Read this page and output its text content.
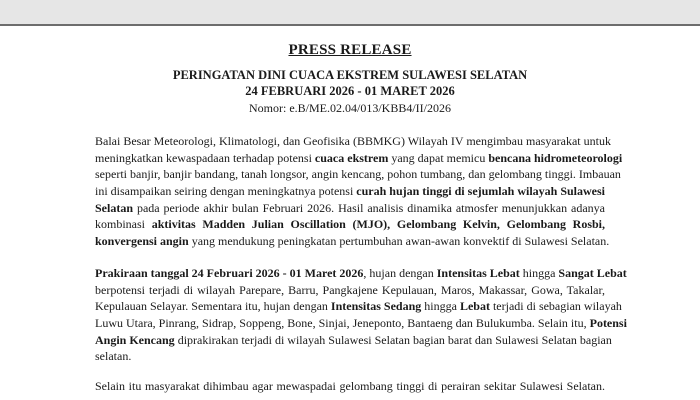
PRESS RELEASE
PERINGATAN DINI CUACA EKSTREM SULAWESI SELATAN
24 FEBRUARI 2026 - 01 MARET 2026
Nomor: e.B/ME.02.04/013/KBB4/II/2026
Balai Besar Meteorologi, Klimatologi, dan Geofisika (BBMKG) Wilayah IV mengimbau masyarakat untuk
meningkatkan kewaspadaan terhadap potensi cuaca ekstrem yang dapat memicu bencana hidrometeorologi
seperti banjir, banjir bandang, tanah longsor, angin kencang, pohon tumbang, dan gelombang tinggi. Imbauan
ini disampaikan seiring dengan meningkatnya potensi curah hujan tinggi di sejumlah wilayah Sulawesi
Selatan pada periode akhir bulan Februari 2026. Hasil analisis dinamika atmosfer menunjukkan adanya
kombinasi aktivitas Madden Julian Oscillation (MJO), Gelombang Kelvin, Gelombang Rosbi,
konvergensi angin yang mendukung peningkatan pertumbuhan awan-awan konvektif di Sulawesi Selatan.
Prakiraan tanggal 24 Februari 2026 - 01 Maret 2026, hujan dengan Intensitas Lebat hingga Sangat Lebat
berpotensi terjadi di wilayah Parepare, Barru, Pangkajene Kepulauan, Maros, Makassar, Gowa, Takalar,
Kepulauan Selayar. Sementara itu, hujan dengan Intensitas Sedang hingga Lebat terjadi di sebagian wilayah
Luwu Utara, Pinrang, Sidrap, Soppeng, Bone, Sinjai, Jeneponto, Bantaeng dan Bulukumba. Selain itu, Potensi
Angin Kencang diprakirakan terjadi di wilayah Sulawesi Selatan bagian barat dan Sulawesi Selatan bagian
selatan.
Selain itu masyarakat dihimbau agar mewaspadai gelombang tinggi di perairan sekitar Sulawesi Selatan.
